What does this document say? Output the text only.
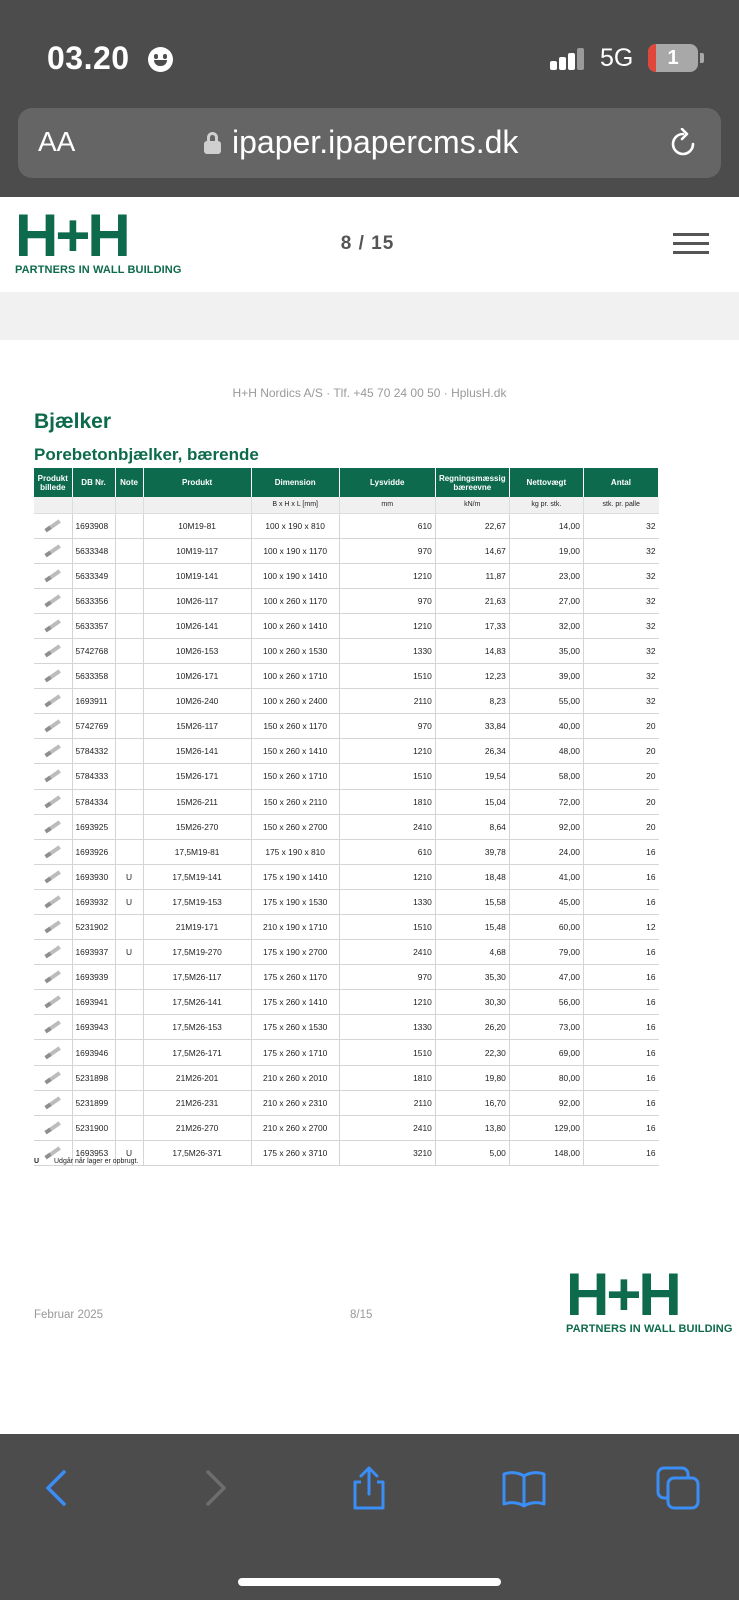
03.20	5G	1
AA	ipaper.ipapercms.dk
H+H
PARTNERS IN WALL BUILDING
8 / 15
H+H Nordics A/S · Tlf. +45 70 24 00 50 · HplusH.dk
Bjælker
Porebetonbjælker, bærende
Produkt billede	DB Nr.	Note	Produkt	Dimension	Lysvidde	Regningsmæssig bæreevne	Nettovægt	Antal
				B x H x L [mm]	mm	kN/m	kg pr. stk.	stk. pr. palle
	1693908		10M19-81	100 x 190 x 810	610	22,67	14,00	32
	5633348		10M19-117	100 x 190 x 1170	970	14,67	19,00	32
	5633349		10M19-141	100 x 190 x 1410	1210	11,87	23,00	32
	5633356		10M26-117	100 x 260 x 1170	970	21,63	27,00	32
	5633357		10M26-141	100 x 260 x 1410	1210	17,33	32,00	32
	5742768		10M26-153	100 x 260 x 1530	1330	14,83	35,00	32
	5633358		10M26-171	100 x 260 x 1710	1510	12,23	39,00	32
	1693911		10M26-240	100 x 260 x 2400	2110	8,23	55,00	32
	5742769		15M26-117	150 x 260 x 1170	970	33,84	40,00	20
	5784332		15M26-141	150 x 260 x 1410	1210	26,34	48,00	20
	5784333		15M26-171	150 x 260 x 1710	1510	19,54	58,00	20
	5784334		15M26-211	150 x 260 x 2110	1810	15,04	72,00	20
	1693925		15M26-270	150 x 260 x 2700	2410	8,64	92,00	20
	1693926		17,5M19-81	175 x 190 x 810	610	39,78	24,00	16
	1693930	U	17,5M19-141	175 x 190 x 1410	1210	18,48	41,00	16
	1693932	U	17,5M19-153	175 x 190 x 1530	1330	15,58	45,00	16
	5231902		21M19-171	210 x 190 x 1710	1510	15,48	60,00	12
	1693937	U	17,5M19-270	175 x 190 x 2700	2410	4,68	79,00	16
	1693939		17,5M26-117	175 x 260 x 1170	970	35,30	47,00	16
	1693941		17,5M26-141	175 x 260 x 1410	1210	30,30	56,00	16
	1693943		17,5M26-153	175 x 260 x 1530	1330	26,20	73,00	16
	1693946		17,5M26-171	175 x 260 x 1710	1510	22,30	69,00	16
	5231898		21M26-201	210 x 260 x 2010	1810	19,80	80,00	16
	5231899		21M26-231	210 x 260 x 2310	2110	16,70	92,00	16
	5231900		21M26-270	210 x 260 x 2700	2410	13,80	129,00	16
	1693953	U	17,5M26-371	175 x 260 x 3710	3210	5,00	148,00	16
U Udgår når lager er opbrugt.
Februar 2025	8/15	H+H
PARTNERS IN WALL BUILDING
